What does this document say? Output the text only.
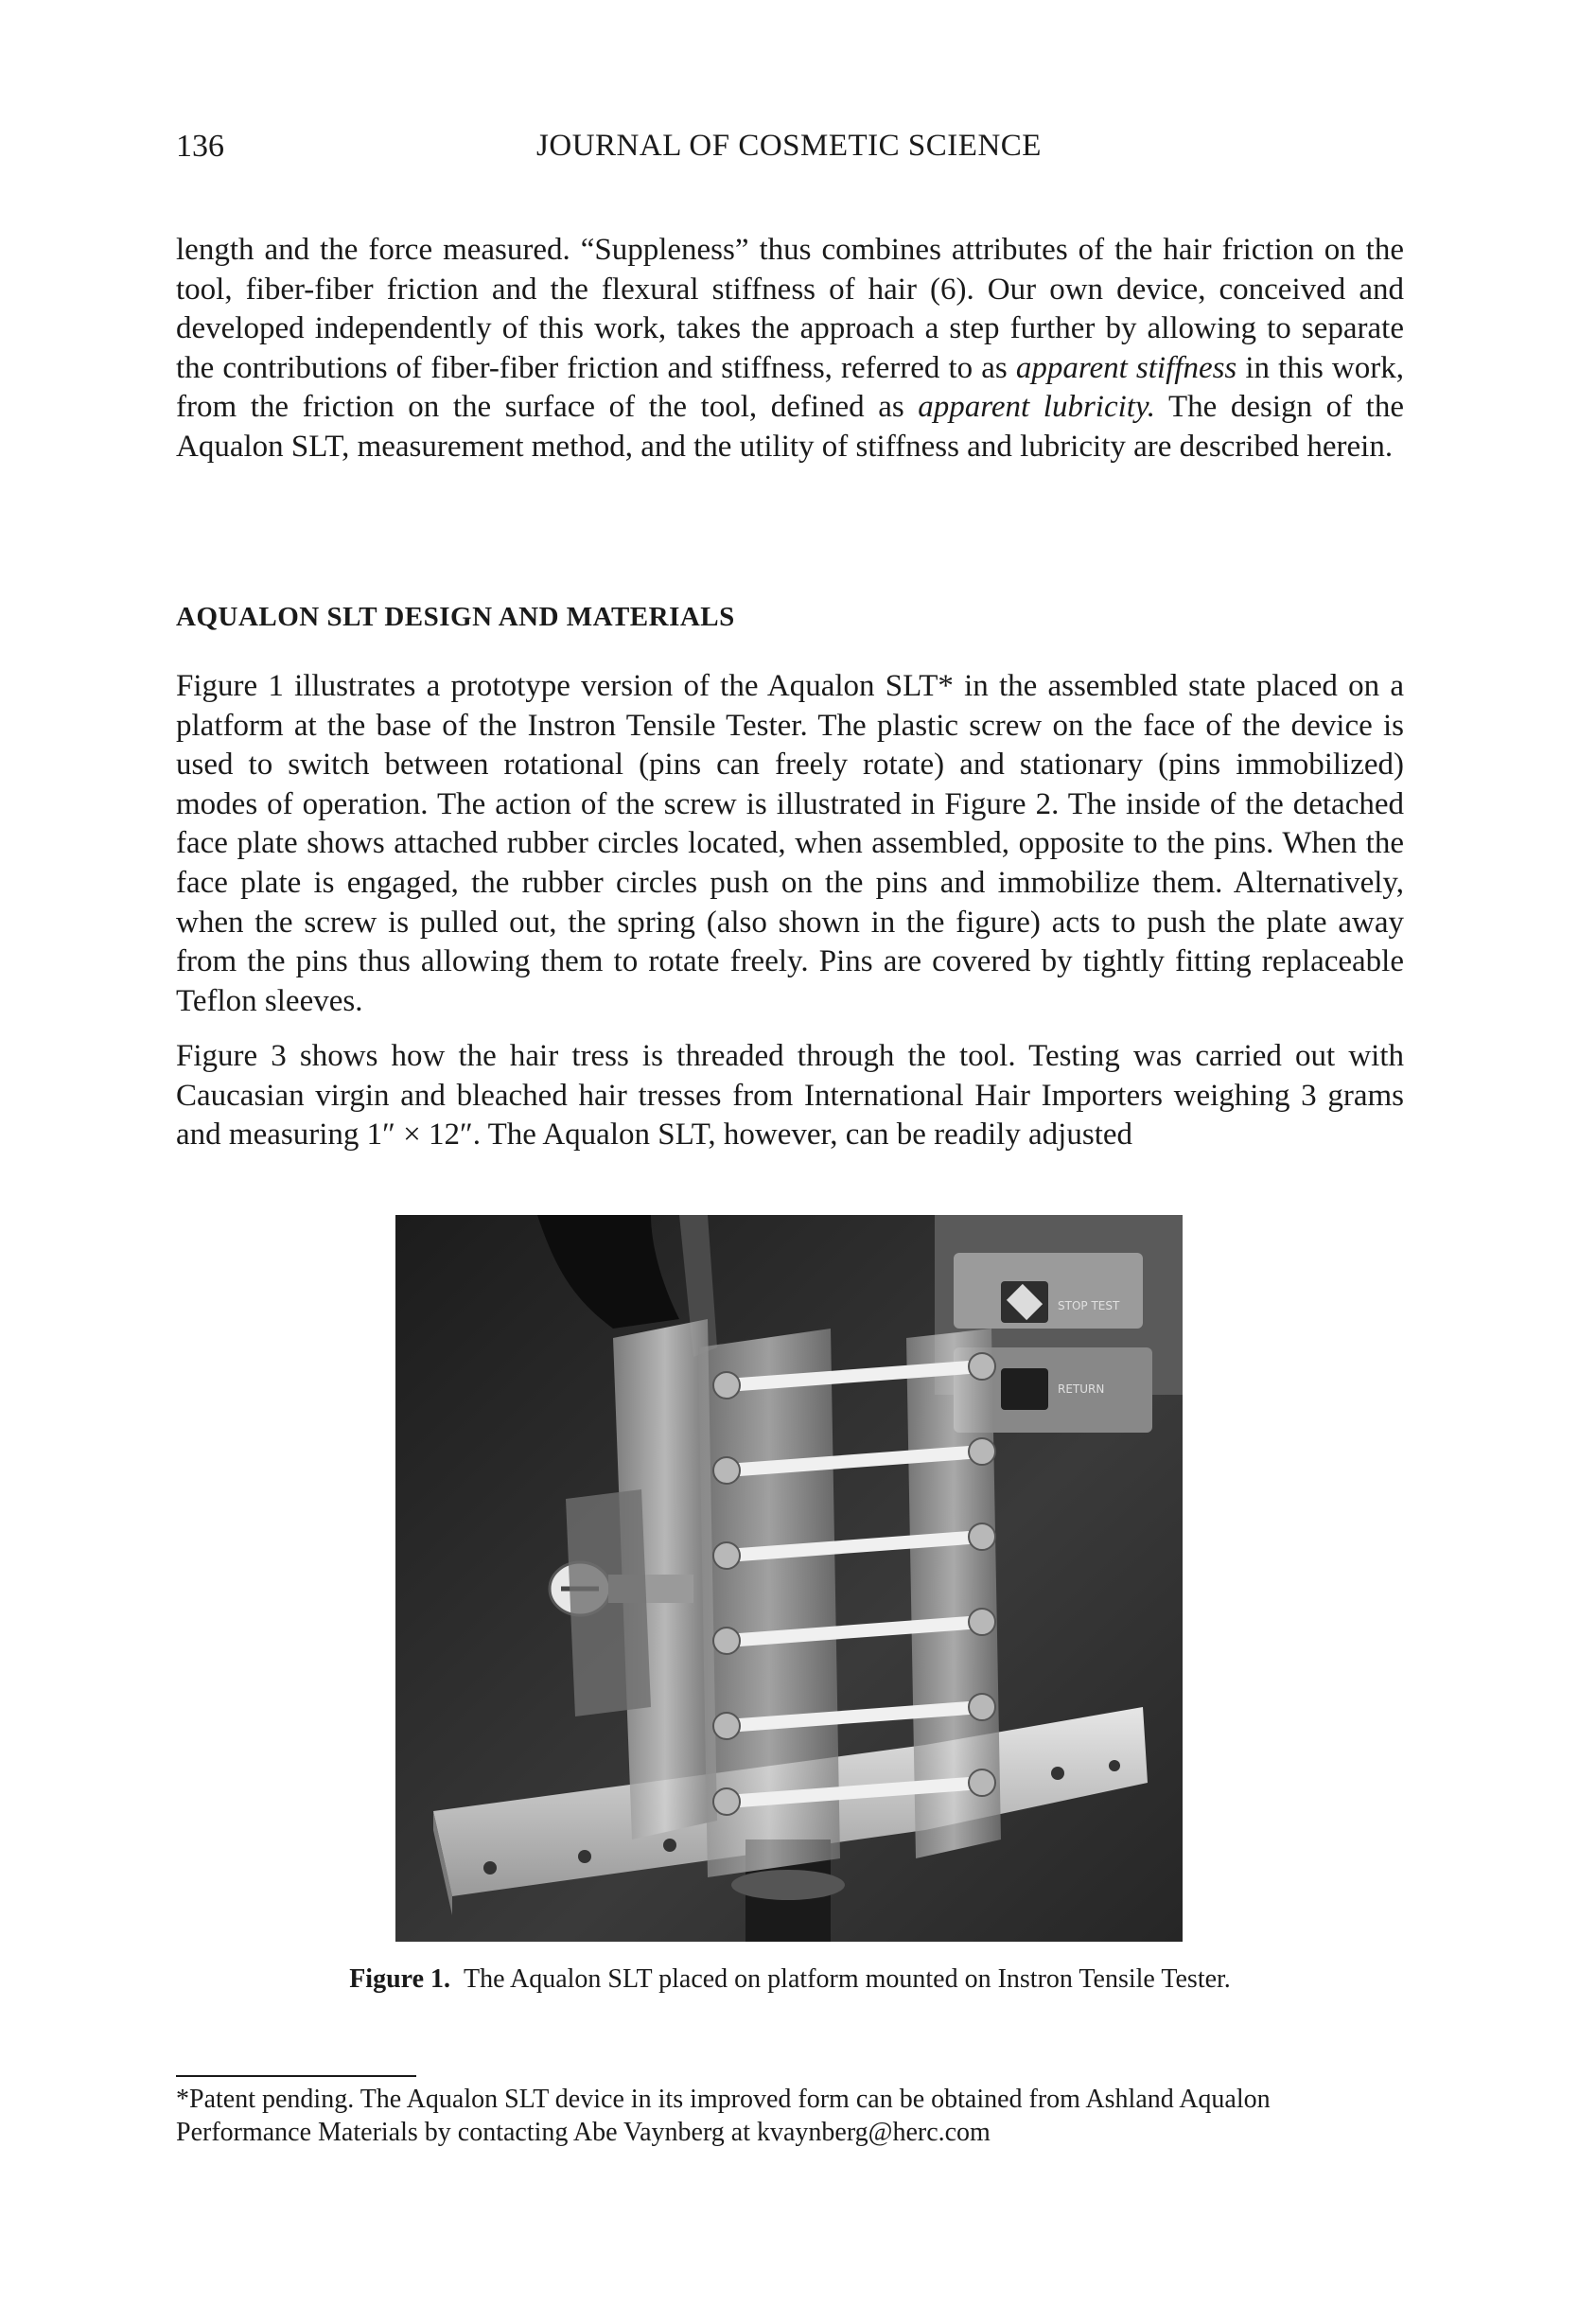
136	JOURNAL OF COSMETIC SCIENCE

length and the force measured. “Suppleness” thus combines attributes of the hair friction on the tool, fiber-fiber friction and the flexural stiffness of hair (6). Our own device, conceived and developed independently of this work, takes the approach a step further by allowing to separate the contributions of fiber-fiber friction and stiffness, referred to as apparent stiffness in this work, from the friction on the surface of the tool, defined as apparent lubricity. The design of the Aqualon SLT, measurement method, and the utility of stiffness and lubricity are described herein.

AQUALON SLT DESIGN AND MATERIALS

Figure 1 illustrates a prototype version of the Aqualon SLT* in the assembled state placed on a platform at the base of the Instron Tensile Tester. The plastic screw on the face of the device is used to switch between rotational (pins can freely rotate) and stationary (pins immobilized) modes of operation. The action of the screw is illustrated in Figure 2. The inside of the detached face plate shows attached rubber circles located, when assembled, opposite to the pins. When the face plate is engaged, the rubber circles push on the pins and immobilize them. Alternatively, when the screw is pulled out, the spring (also shown in the figure) acts to push the plate away from the pins thus allowing them to rotate freely. Pins are covered by tightly fitting replaceable Teflon sleeves.

Figure 3 shows how the hair tress is threaded through the tool. Testing was carried out with Caucasian virgin and bleached hair tresses from International Hair Importers weighing 3 grams and measuring 1″ × 12″. The Aqualon SLT, however, can be readily adjusted

STOP TEST
RETURN

Figure 1. The Aqualon SLT placed on platform mounted on Instron Tensile Tester.

*Patent pending. The Aqualon SLT device in its improved form can be obtained from Ashland Aqualon Performance Materials by contacting Abe Vaynberg at kvaynberg@herc.com
